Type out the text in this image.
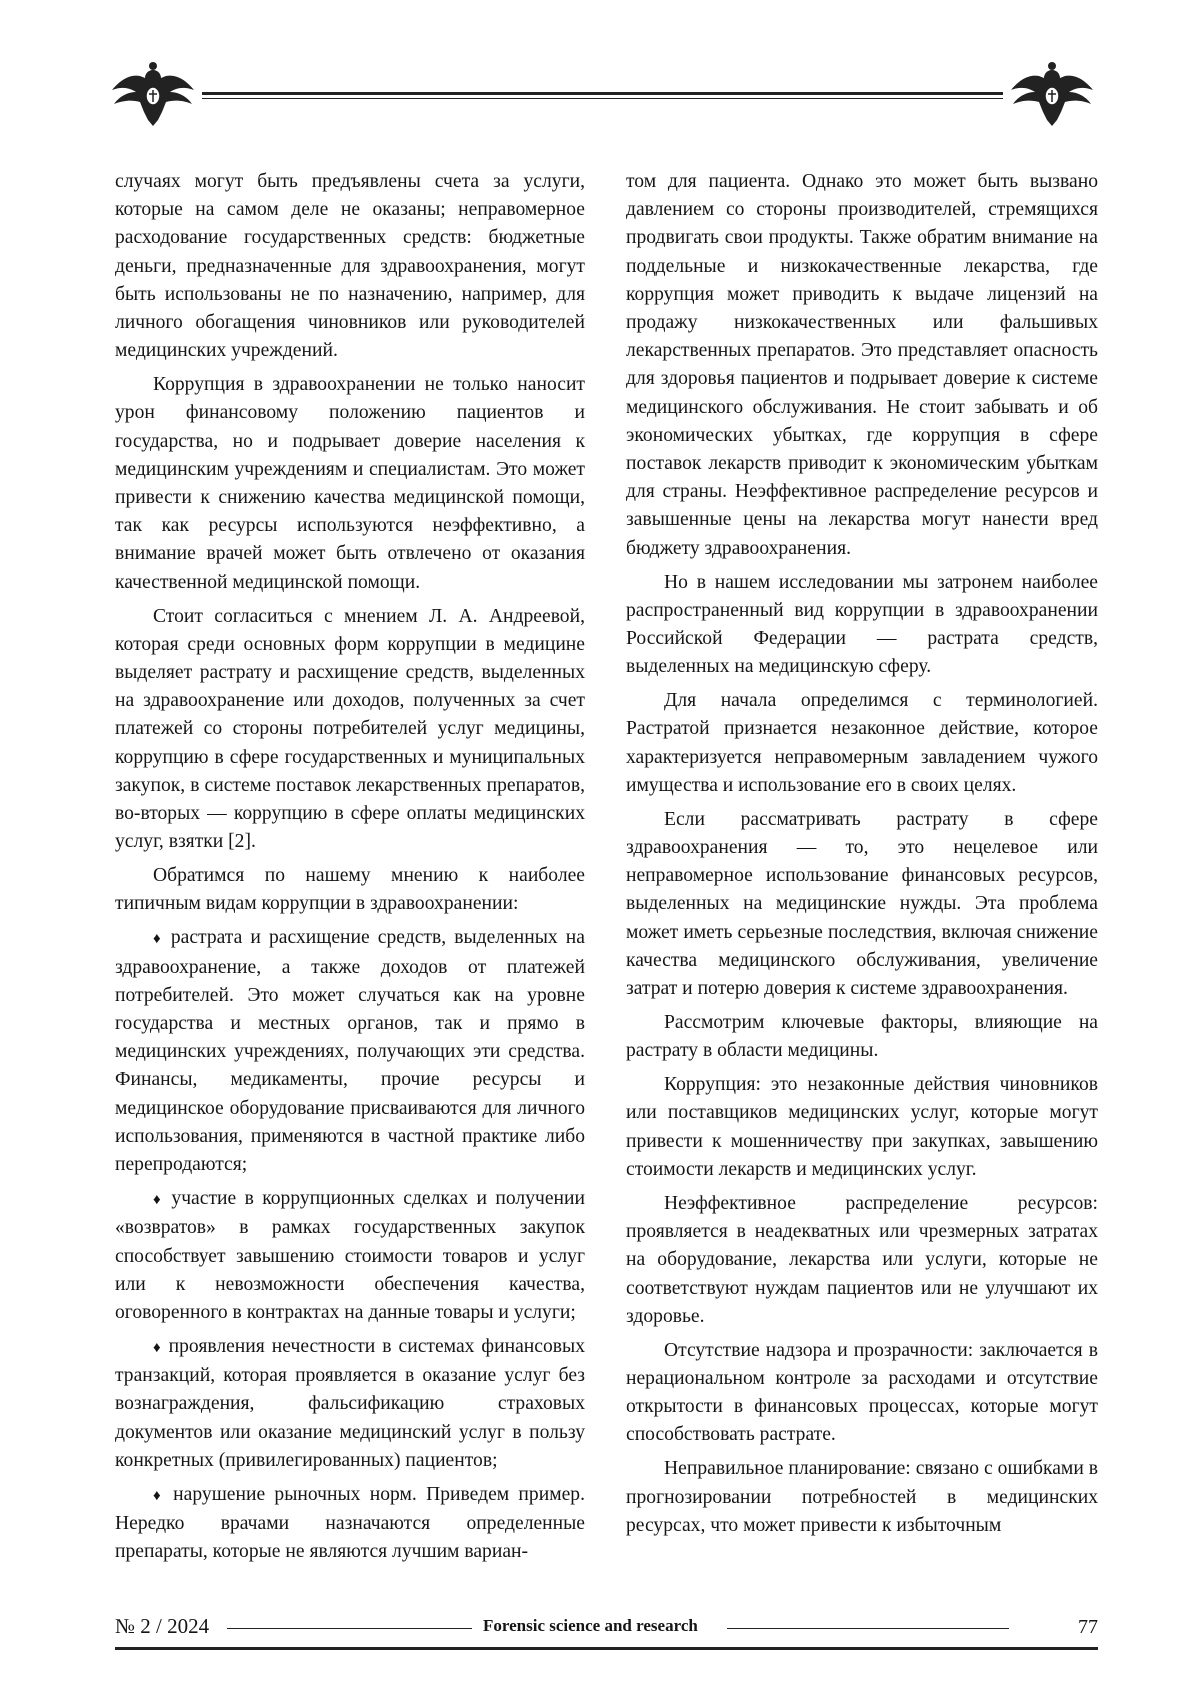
случаях могут быть предъявлены счета за услуги, которые на самом деле не оказаны; неправомерное расходование государственных средств: бюджетные деньги, предназначенные для здравоохранения, могут быть использованы не по назначению, например, для личного обогащения чиновников или руководителей медицинских учреждений.

Коррупция в здравоохранении не только наносит урон финансовому положению пациентов и государства, но и подрывает доверие населения к медицинским учреждениям и специалистам. Это может привести к снижению качества медицинской помощи, так как ресурсы используются неэффективно, а внимание врачей может быть отвлечено от оказания качественной медицинской помощи.

Стоит согласиться с мнением Л. А. Андреевой, которая среди основных форм коррупции в медицине выделяет растрату и расхищение средств, выделенных на здравоохранение или доходов, полученных за счет платежей со стороны потребителей услуг медицины, коррупцию в сфере государственных и муниципальных закупок, в системе поставок лекарственных препаратов, во-вторых — коррупцию в сфере оплаты медицинских услуг, взятки [2].

Обратимся по нашему мнению к наиболее типичным видам коррупции в здравоохранении:

♦ растрата и расхищение средств, выделенных на здравоохранение, а также доходов от платежей потребителей. Это может случаться как на уровне государства и местных органов, так и прямо в медицинских учреждениях, получающих эти средства. Финансы, медикаменты, прочие ресурсы и медицинское оборудование присваиваются для личного использования, применяются в частной практике либо перепродаются;

♦ участие в коррупционных сделках и получении «возвратов» в рамках государственных закупок способствует завышению стоимости товаров и услуг или к невозможности обеспечения качества, оговоренного в контрактах на данные товары и услуги;

♦ проявления нечестности в системах финансовых транзакций, которая проявляется в оказание услуг без вознаграждения, фальсификацию страховых документов или оказание медицинский услуг в пользу конкретных (привилегированных) пациентов;

♦ нарушение рыночных норм. Приведем пример. Нередко врачами назначаются определенные препараты, которые не являются лучшим вариан-

том для пациента. Однако это может быть вызвано давлением со стороны производителей, стремящихся продвигать свои продукты. Также обратим внимание на поддельные и низкокачественные лекарства, где коррупция может приводить к выдаче лицензий на продажу низкокачественных или фальшивых лекарственных препаратов. Это представляет опасность для здоровья пациентов и подрывает доверие к системе медицинского обслуживания. Не стоит забывать и об экономических убытках, где коррупция в сфере поставок лекарств приводит к экономическим убыткам для страны. Неэффективное распределение ресурсов и завышенные цены на лекарства могут нанести вред бюджету здравоохранения.

Но в нашем исследовании мы затронем наиболее распространенный вид коррупции в здравоохранении Российской Федерации — растрата средств, выделенных на медицинскую сферу.

Для начала определимся с терминологией. Растратой признается незаконное действие, которое характеризуется неправомерным завладением чужого имущества и использование его в своих целях.

Если рассматривать растрату в сфере здравоохранения — то, это нецелевое или неправомерное использование финансовых ресурсов, выделенных на медицинские нужды. Эта проблема может иметь серьезные последствия, включая снижение качества медицинского обслуживания, увеличение затрат и потерю доверия к системе здравоохранения.

Рассмотрим ключевые факторы, влияющие на растрату в области медицины.

Коррупция: это незаконные действия чиновников или поставщиков медицинских услуг, которые могут привести к мошенничеству при закупках, завышению стоимости лекарств и медицинских услуг.

Неэффективное распределение ресурсов: проявляется в неадекватных или чрезмерных затратах на оборудование, лекарства или услуги, которые не соответствуют нуждам пациентов или не улучшают их здоровье.

Отсутствие надзора и прозрачности: заключается в нерациональном контроле за расходами и отсутствие открытости в финансовых процессах, которые могут способствовать растрате.

Неправильное планирование: связано с ошибками в прогнозировании потребностей в медицинских ресурсах, что может привести к избыточным

№ 2 / 2024	Forensic science and research	77
